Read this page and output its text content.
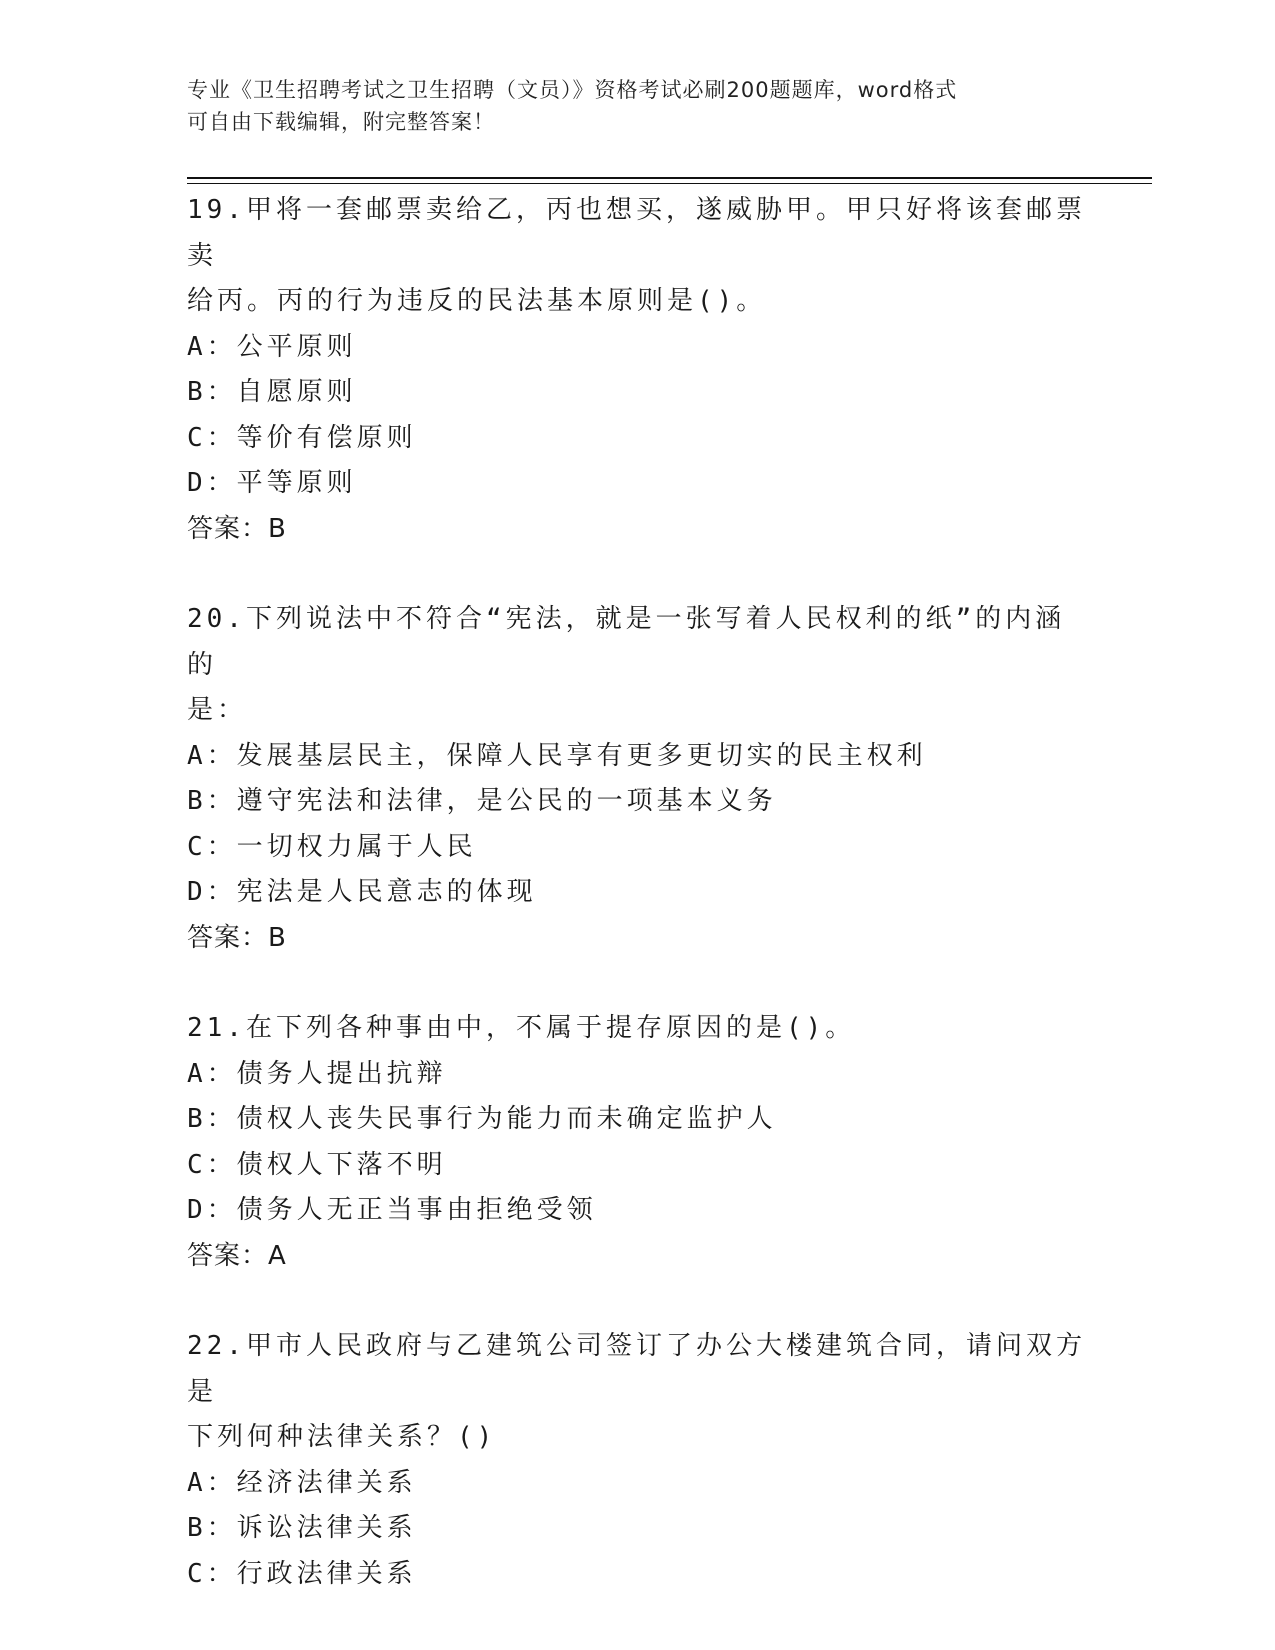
专业《卫生招聘考试之卫生招聘（文员）》资格考试必刷200题题库，word格式

可自由下载编辑，附完整答案！

19.甲将一套邮票卖给乙，丙也想买，遂威胁甲。甲只好将该套邮票卖

给丙。丙的行为违反的民法基本原则是()。

A：公平原则

B：自愿原则

C：等价有偿原则

D：平等原则

答案：B

20.下列说法中不符合“宪法，就是一张写着人民权利的纸”的内涵的

是：

A：发展基层民主，保障人民享有更多更切实的民主权利

B：遵守宪法和法律，是公民的一项基本义务

C：一切权力属于人民

D：宪法是人民意志的体现

答案：B

21.在下列各种事由中，不属于提存原因的是()。

A：债务人提出抗辩

B：债权人丧失民事行为能力而未确定监护人

C：债权人下落不明

D：债务人无正当事由拒绝受领

答案：A

22.甲市人民政府与乙建筑公司签订了办公大楼建筑合同，请问双方是

下列何种法律关系？()

A：经济法律关系

B：诉讼法律关系

C：行政法律关系
